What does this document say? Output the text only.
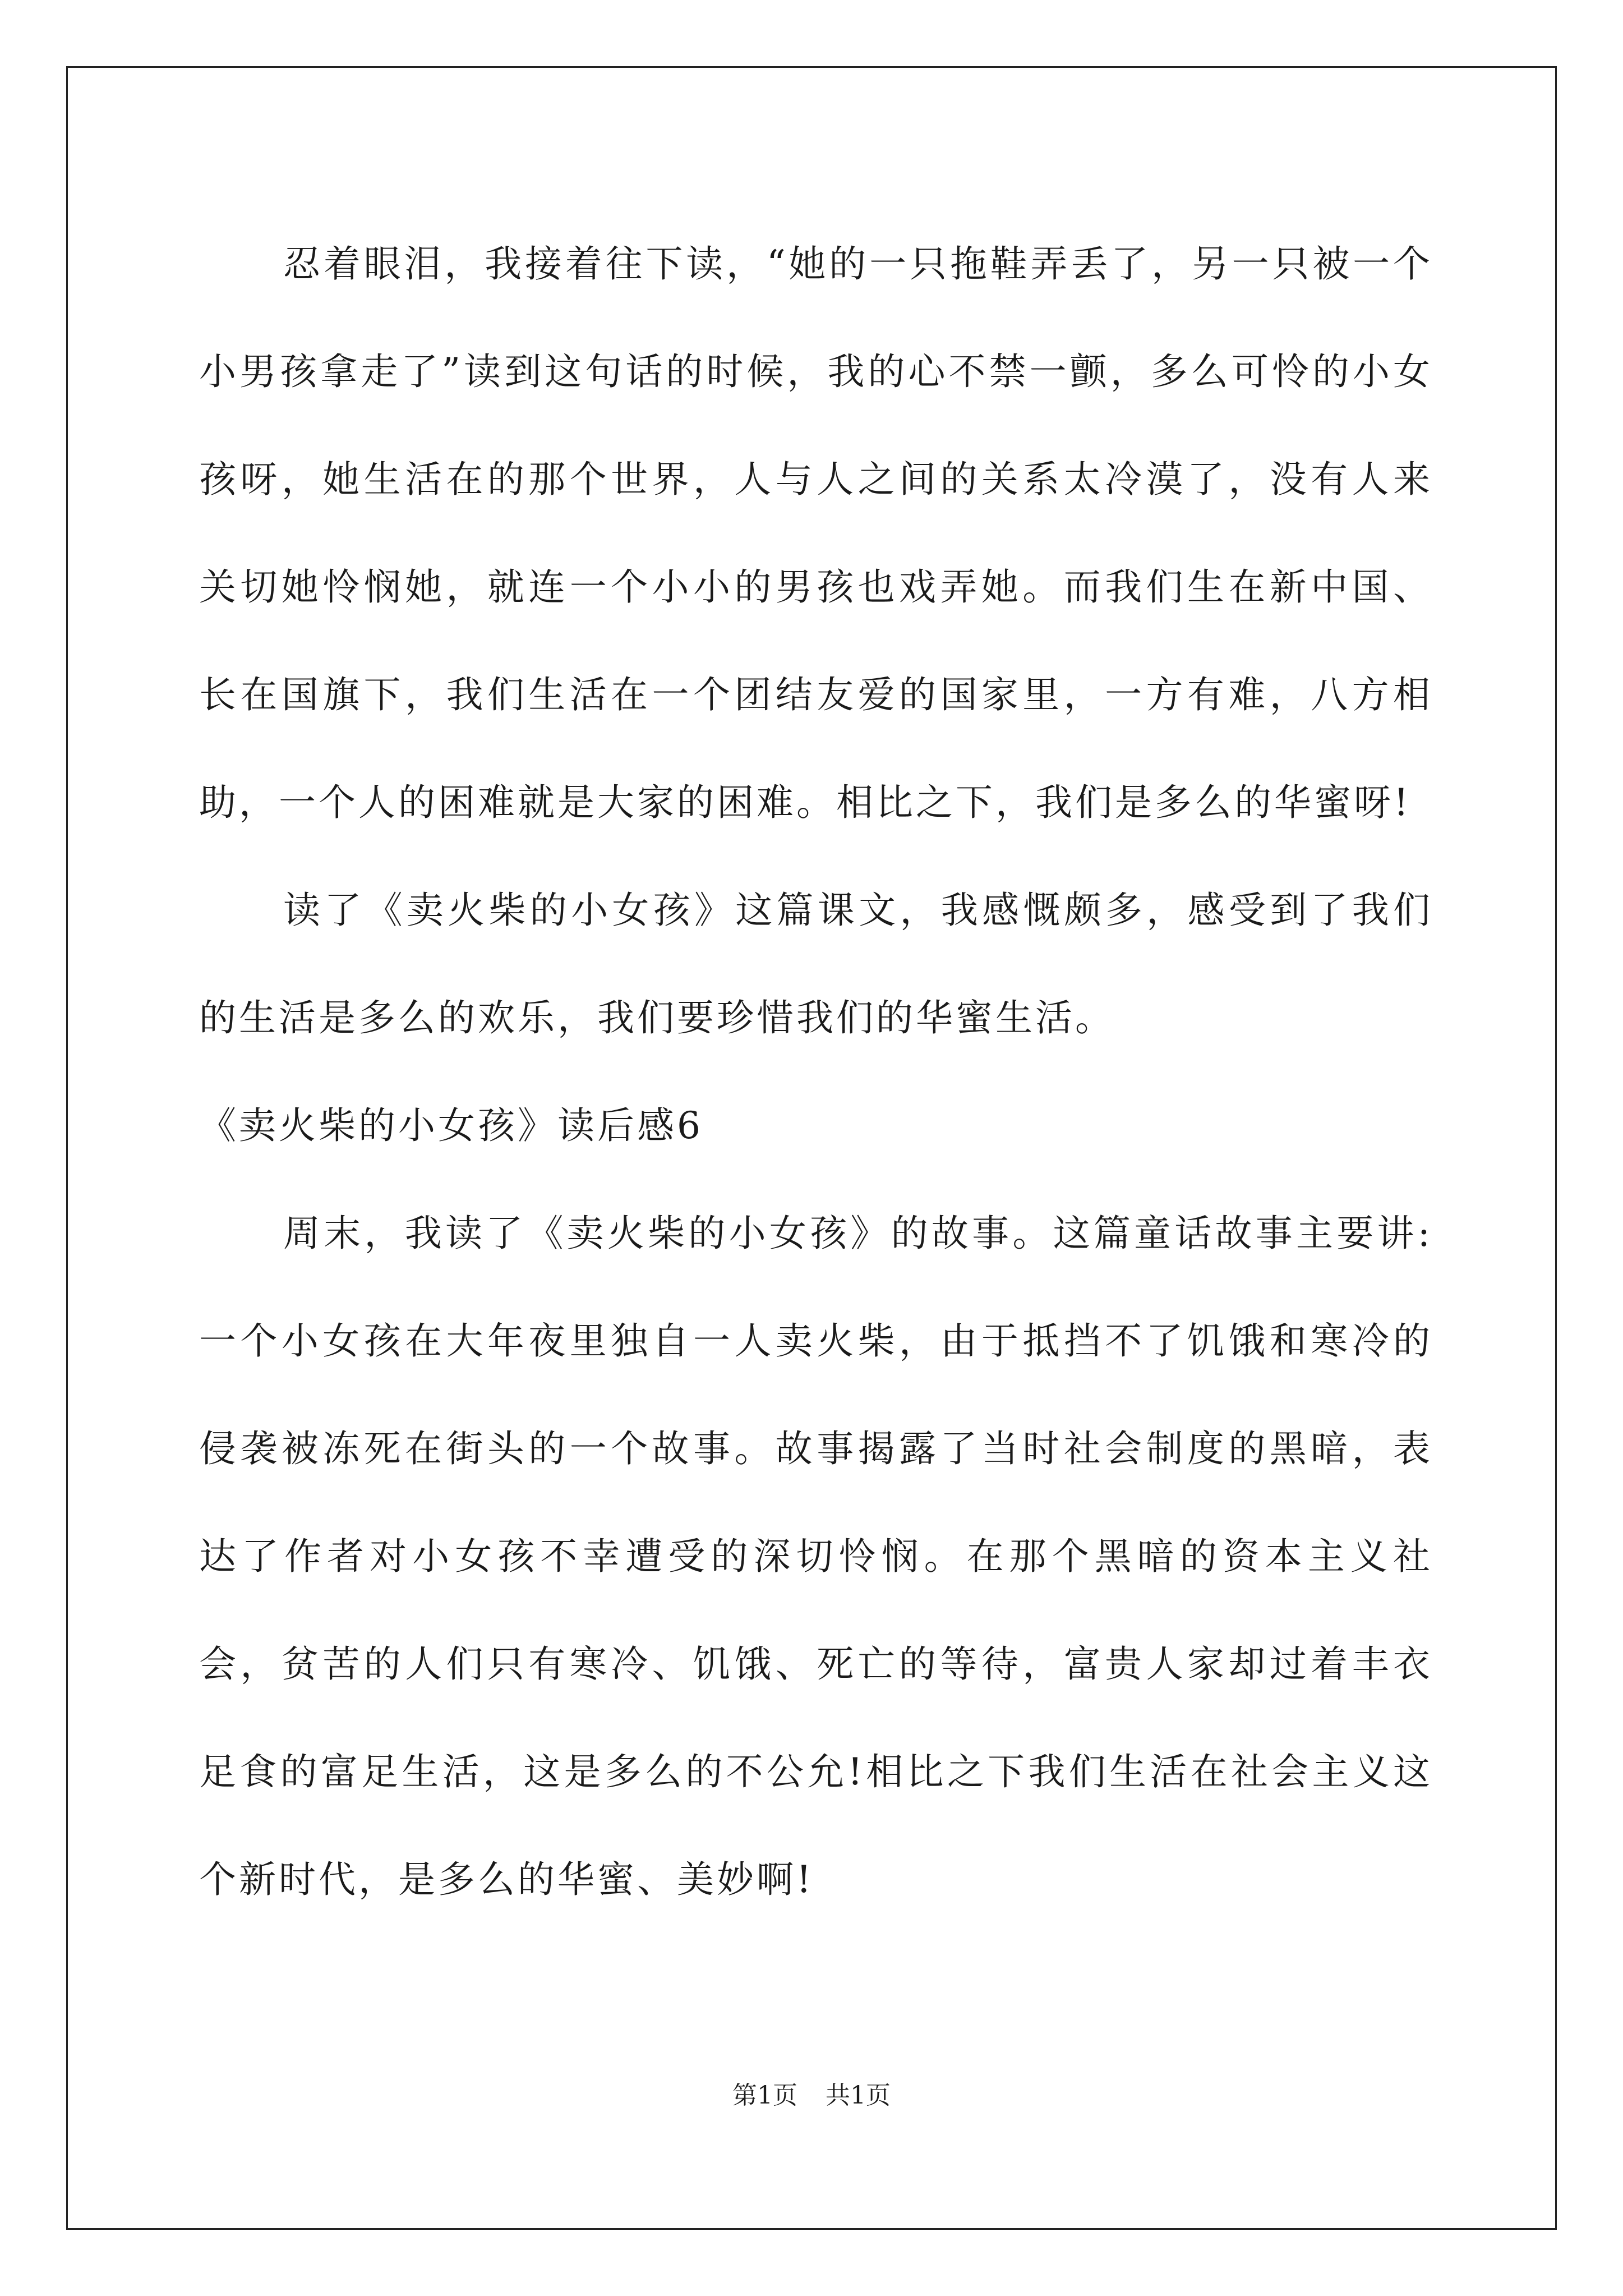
忍着眼泪，我接着往下读，“她的一只拖鞋弄丢了，另一只被一个小男孩拿走了”读到这句话的时候，我的心不禁一颤，多么可怜的小女孩呀，她生活在的那个世界，人与人之间的关系太冷漠了，没有人来关切她怜悯她，就连一个小小的男孩也戏弄她。而我们生在新中国、长在国旗下，我们生活在一个团结友爱的国家里，一方有难，八方相助，一个人的困难就是大家的困难。相比之下，我们是多么的华蜜呀!

读了《卖火柴的小女孩》这篇课文，我感慨颇多，感受到了我们的生活是多么的欢乐，我们要珍惜我们的华蜜生活。

《卖火柴的小女孩》读后感6

周末，我读了《卖火柴的小女孩》的故事。这篇童话故事主要讲:一个小女孩在大年夜里独自一人卖火柴，由于抵挡不了饥饿和寒冷的侵袭被冻死在街头的一个故事。故事揭露了当时社会制度的黑暗，表达了作者对小女孩不幸遭受的深切怜悯。在那个黑暗的资本主义社会，贫苦的人们只有寒冷、饥饿、死亡的等待，富贵人家却过着丰衣足食的富足生活，这是多么的不公允!相比之下我们生活在社会主义这个新时代，是多么的华蜜、美妙啊!

第1页 共1页
